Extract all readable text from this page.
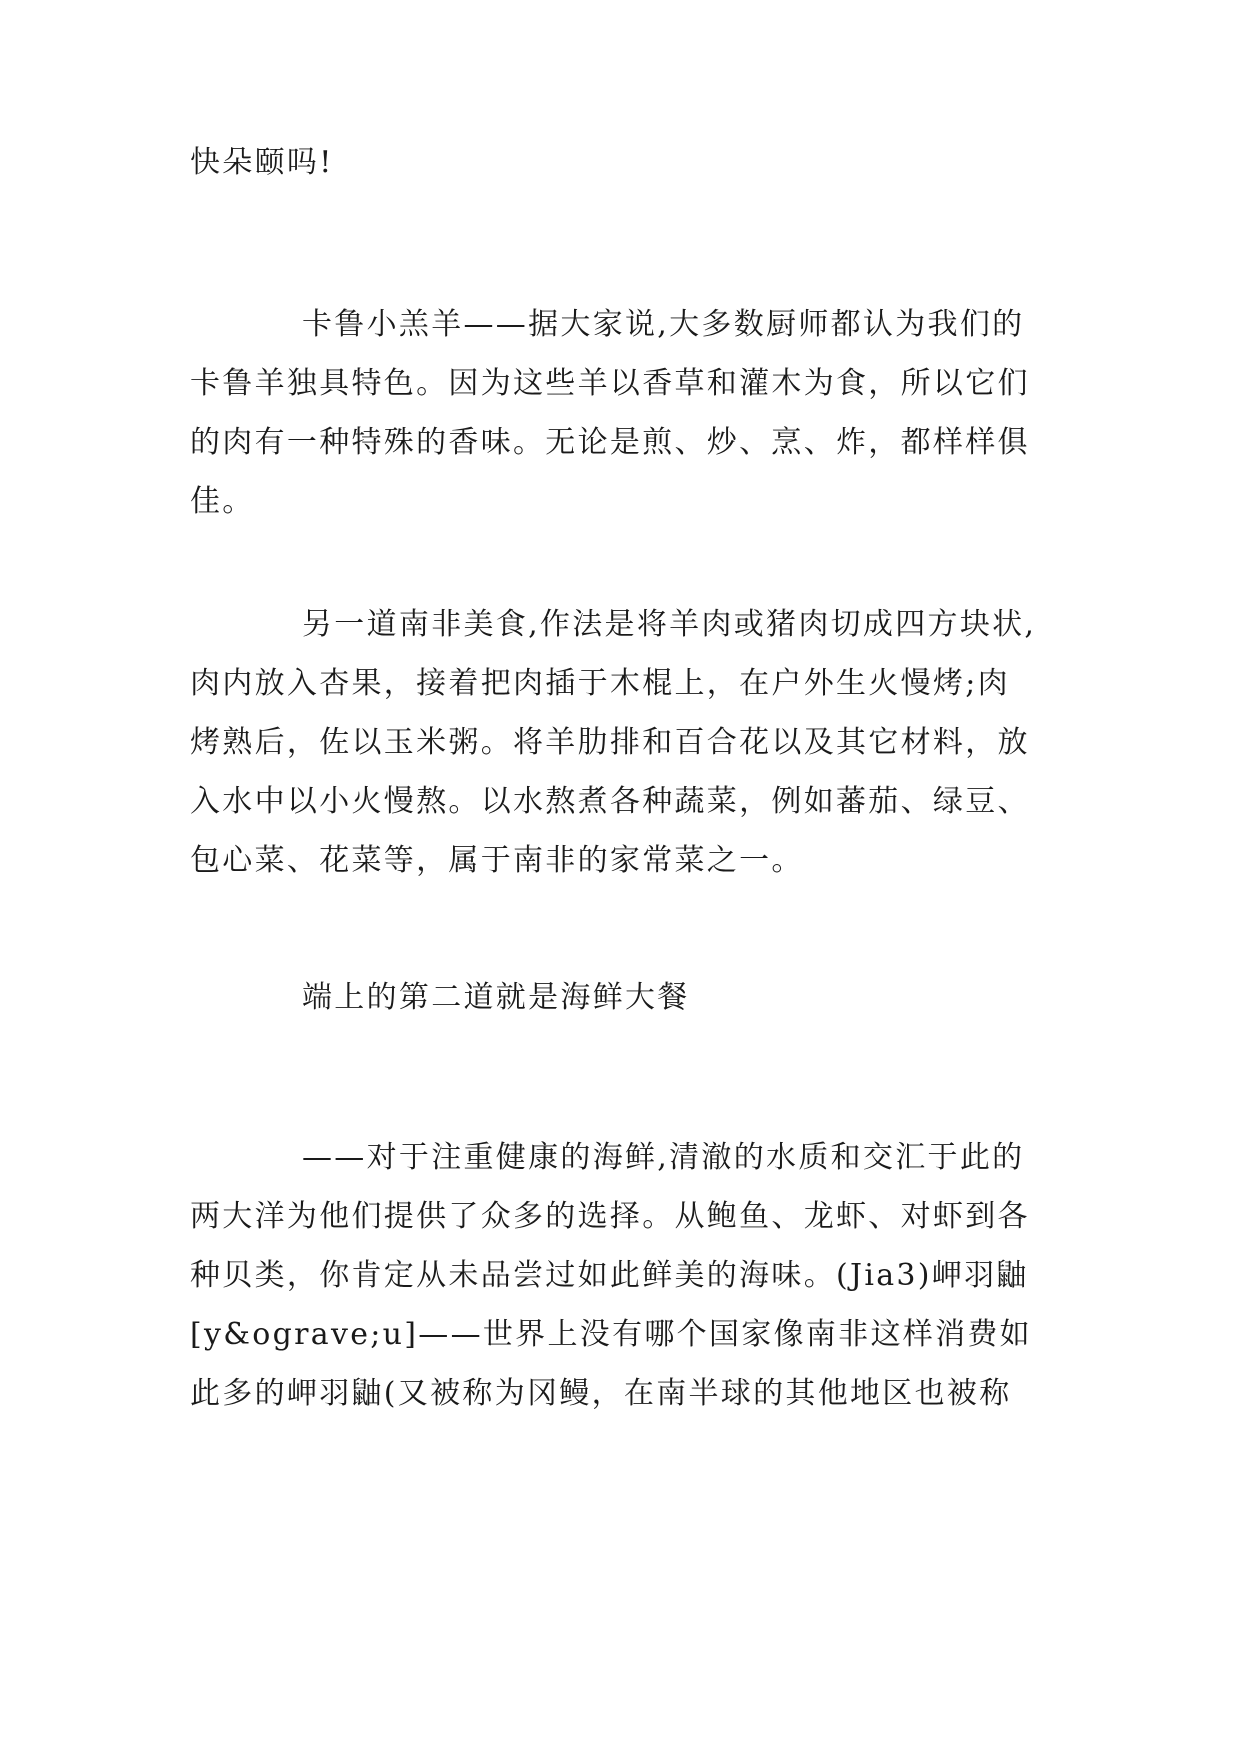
快朵颐吗!
卡鲁小羔羊——据大家说,大多数厨师都认为我们的
卡鲁羊独具特色。因为这些羊以香草和灌木为食，所以它们
的肉有一种特殊的香味。无论是煎、炒、烹、炸，都样样俱
佳。
另一道南非美食,作法是将羊肉或猪肉切成四方块状,
肉内放入杏果，接着把肉插于木棍上，在户外生火慢烤;肉
烤熟后，佐以玉米粥。将羊肋排和百合花以及其它材料，放
入水中以小火慢熬。以水熬煮各种蔬菜，例如蕃茄、绿豆、
包心菜、花菜等，属于南非的家常菜之一。
端上的第二道就是海鲜大餐
——对于注重健康的海鲜,清澈的水质和交汇于此的
两大洋为他们提供了众多的选择。从鲍鱼、龙虾、对虾到各
种贝类，你肯定从未品尝过如此鲜美的海味。(Jia3)岬羽鼬
[y&ograve;u]——世界上没有哪个国家像南非这样消费如
此多的岬羽鼬(又被称为冈鳗，在南半球的其他地区也被称
